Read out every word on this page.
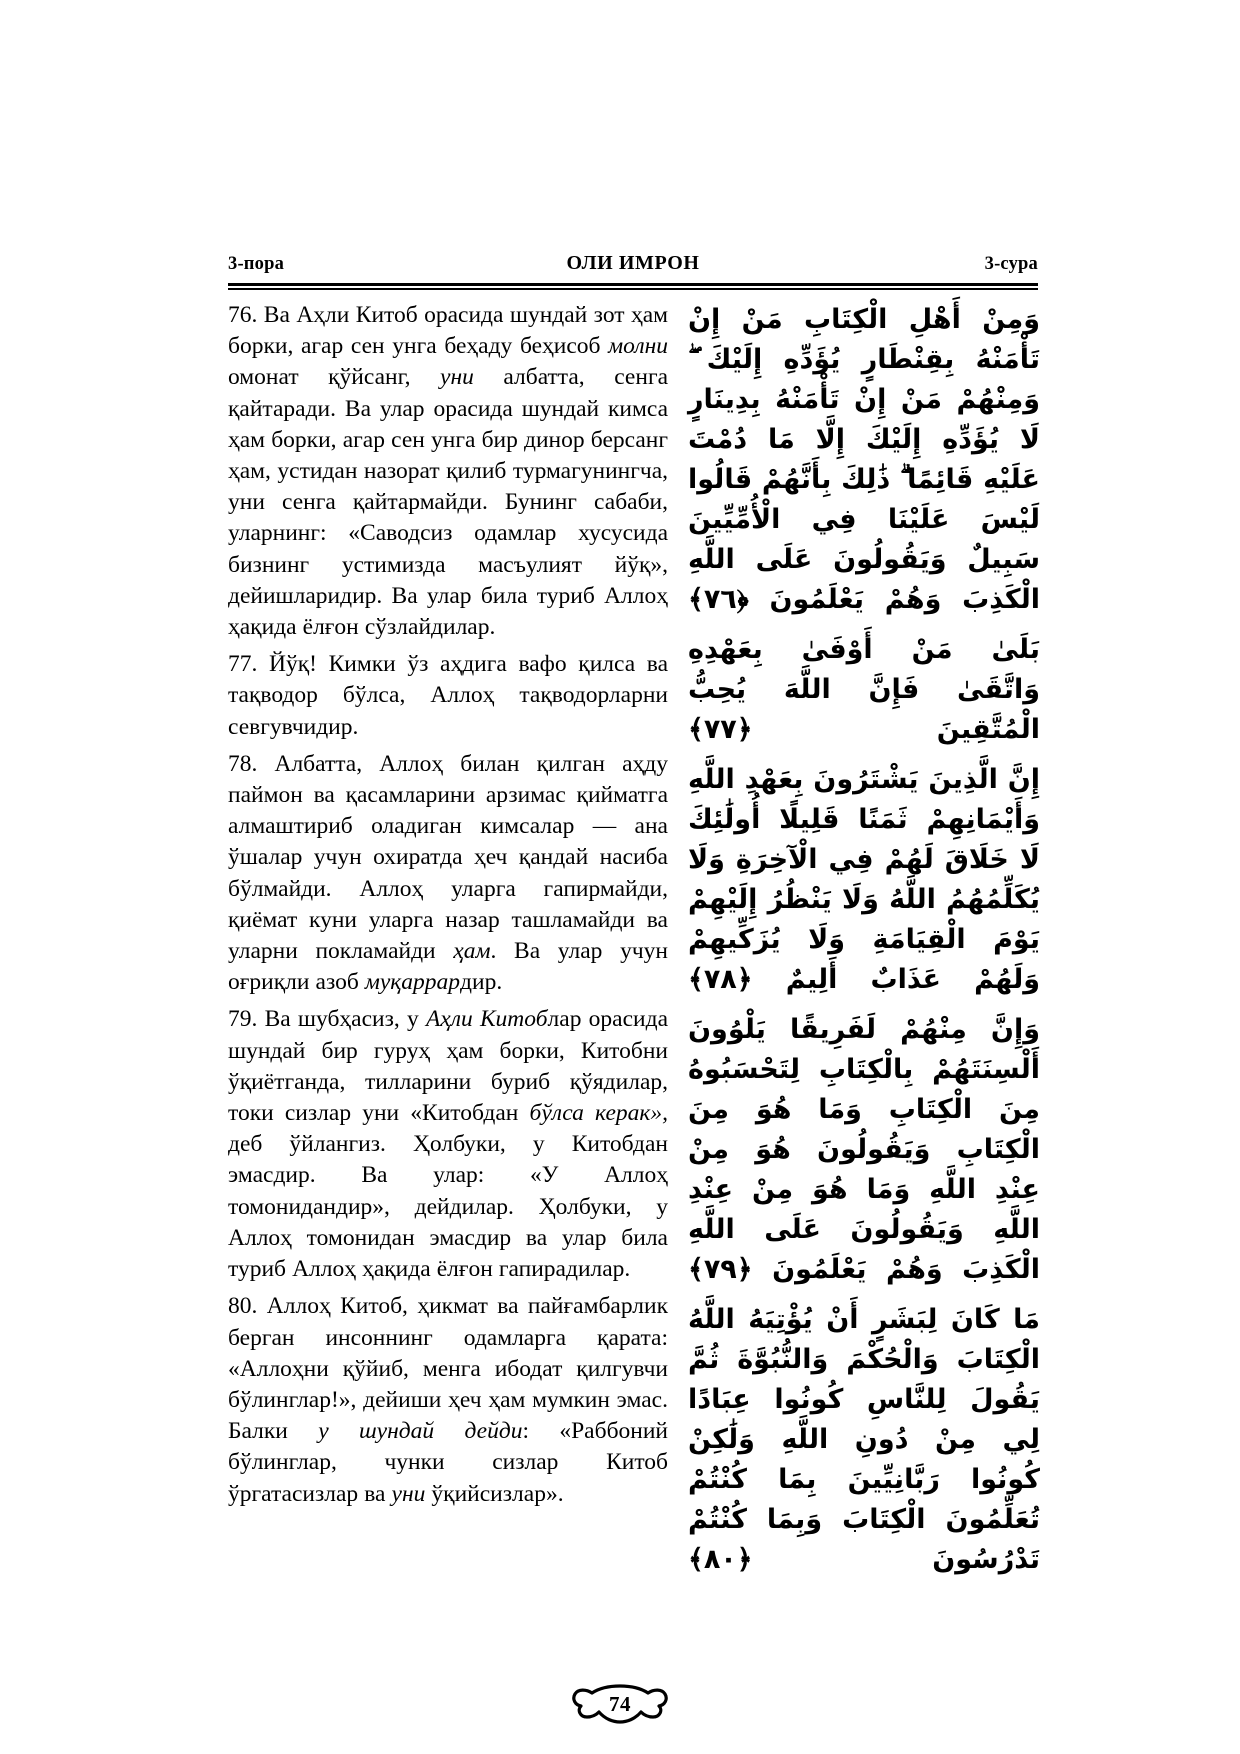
3-пора	ОЛИ ИМРОН	3-сура

76. Ва Аҳли Китоб орасида шундай зот ҳам борки, агар сен унга беҳаду беҳисоб молни омонат қўйсанг, уни албатта, сенга қайтаради. Ва улар орасида шундай кимса ҳам борки, агар сен унга бир динор берсанг ҳам, устидан назорат қилиб турмагунингча, уни сенга қайтармайди. Бунинг сабаби, уларнинг: «Саводсиз одамлар хусусида бизнинг устимизда масъулият йўқ», дейишларидир. Ва улар била туриб Аллоҳ ҳақида ёлғон сўзлайдилар.

77. Йўқ! Кимки ўз аҳдига вафо қилса ва тақводор бўлса, Аллоҳ тақводорларни севгувчидир.

78. Албатта, Аллоҳ билан қилган аҳду паймон ва қасамларини арзимас қийматга алмаштириб оладиган кимсалар — ана ўшалар учун охиратда ҳеч қандай насиба бўлмайди. Аллоҳ уларга гапирмайди, қиёмат куни уларга назар ташламайди ва уларни покламайди ҳам. Ва улар учун оғриқли азоб муқаррардир.

79. Ва шубҳасиз, у Аҳли Китоблар орасида шундай бир гуруҳ ҳам борки, Китобни ўқиётганда, тилларини буриб қўядилар, токи сизлар уни «Китобдан бўлса керак», деб ўйлангиз. Ҳолбуки, у Китобдан эмасдир. Ва улар: «У Аллоҳ томонидандир», дейдилар. Ҳолбуки, у Аллоҳ томонидан эмасдир ва улар била туриб Аллоҳ ҳақида ёлғон гапирадилар.

80. Аллоҳ Китоб, ҳикмат ва пайғамбарлик берган инсоннинг одамларга қарата: «Аллоҳни қўйиб, менга ибодат қилгувчи бўлинглар!», дейиши ҳеч ҳам мумкин эмас. Балки у шундай дейди: «Раббоний бўлинглар, чунки сизлар Китоб ўргатасизлар ва уни ўқийсизлар».

وَمِنْ أَهْلِ الْكِتَابِ مَنْ إِنْ تَأْمَنْهُ بِقِنْطَارٍ يُؤَدِّهِ إِلَيْكَ ۖ وَمِنْهُمْ مَنْ إِنْ تَأْمَنْهُ بِدِينَارٍ لَا يُؤَدِّهِ إِلَيْكَ إِلَّا مَا دُمْتَ عَلَيْهِ قَائِمًا ۗ ذَٰلِكَ بِأَنَّهُمْ قَالُوا لَيْسَ عَلَيْنَا فِي الْأُمِّيِّينَ سَبِيلٌ وَيَقُولُونَ عَلَى اللَّهِ الْكَذِبَ وَهُمْ يَعْلَمُونَ ﴿٧٦﴾
بَلَىٰ مَنْ أَوْفَىٰ بِعَهْدِهِ وَاتَّقَىٰ فَإِنَّ اللَّهَ يُحِبُّ الْمُتَّقِينَ ﴿٧٧﴾
إِنَّ الَّذِينَ يَشْتَرُونَ بِعَهْدِ اللَّهِ وَأَيْمَانِهِمْ ثَمَنًا قَلِيلًا أُولَٰئِكَ لَا خَلَاقَ لَهُمْ فِي الْآخِرَةِ وَلَا يُكَلِّمُهُمُ اللَّهُ وَلَا يَنْظُرُ إِلَيْهِمْ يَوْمَ الْقِيَامَةِ وَلَا يُزَكِّيهِمْ وَلَهُمْ عَذَابٌ أَلِيمٌ ﴿٧٨﴾
وَإِنَّ مِنْهُمْ لَفَرِيقًا يَلْوُونَ أَلْسِنَتَهُمْ بِالْكِتَابِ لِتَحْسَبُوهُ مِنَ الْكِتَابِ وَمَا هُوَ مِنَ الْكِتَابِ وَيَقُولُونَ هُوَ مِنْ عِنْدِ اللَّهِ وَمَا هُوَ مِنْ عِنْدِ اللَّهِ وَيَقُولُونَ عَلَى اللَّهِ الْكَذِبَ وَهُمْ يَعْلَمُونَ ﴿٧٩﴾
مَا كَانَ لِبَشَرٍ أَنْ يُؤْتِيَهُ اللَّهُ الْكِتَابَ وَالْحُكْمَ وَالنُّبُوَّةَ ثُمَّ يَقُولَ لِلنَّاسِ كُونُوا عِبَادًا لِي مِنْ دُونِ اللَّهِ وَلَٰكِنْ كُونُوا رَبَّانِيِّينَ بِمَا كُنْتُمْ تُعَلِّمُونَ الْكِتَابَ وَبِمَا كُنْتُمْ تَدْرُسُونَ ﴿٨٠﴾
74
